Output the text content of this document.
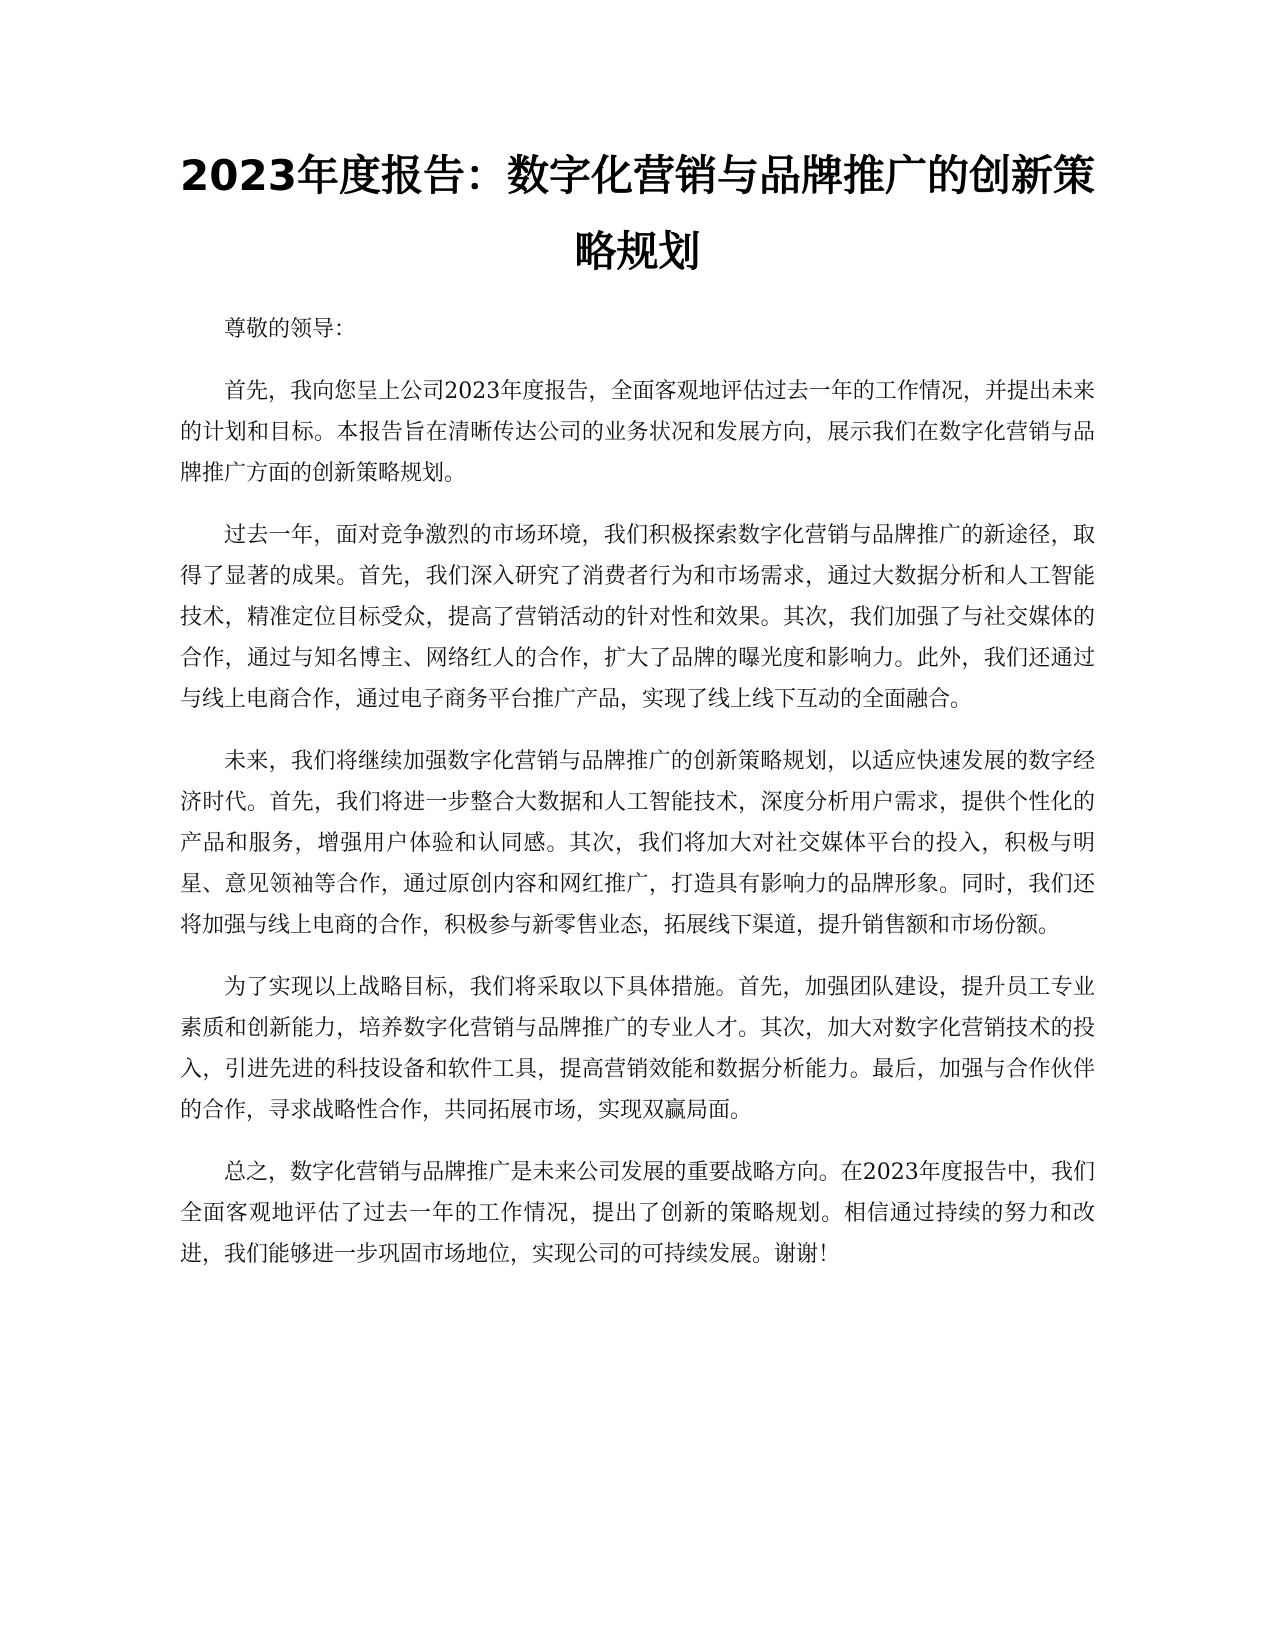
2023年度报告：数字化营销与品牌推广的创新策略规划

尊敬的领导：

首先，我向您呈上公司2023年度报告，全面客观地评估过去一年的工作情况，并提出未来的计划和目标。本报告旨在清晰传达公司的业务状况和发展方向，展示我们在数字化营销与品牌推广方面的创新策略规划。

过去一年，面对竞争激烈的市场环境，我们积极探索数字化营销与品牌推广的新途径，取得了显著的成果。首先，我们深入研究了消费者行为和市场需求，通过大数据分析和人工智能技术，精准定位目标受众，提高了营销活动的针对性和效果。其次，我们加强了与社交媒体的合作，通过与知名博主、网络红人的合作，扩大了品牌的曝光度和影响力。此外，我们还通过与线上电商合作，通过电子商务平台推广产品，实现了线上线下互动的全面融合。

未来，我们将继续加强数字化营销与品牌推广的创新策略规划，以适应快速发展的数字经济时代。首先，我们将进一步整合大数据和人工智能技术，深度分析用户需求，提供个性化的产品和服务，增强用户体验和认同感。其次，我们将加大对社交媒体平台的投入，积极与明星、意见领袖等合作，通过原创内容和网红推广，打造具有影响力的品牌形象。同时，我们还将加强与线上电商的合作，积极参与新零售业态，拓展线下渠道，提升销售额和市场份额。

为了实现以上战略目标，我们将采取以下具体措施。首先，加强团队建设，提升员工专业素质和创新能力，培养数字化营销与品牌推广的专业人才。其次，加大对数字化营销技术的投入，引进先进的科技设备和软件工具，提高营销效能和数据分析能力。最后，加强与合作伙伴的合作，寻求战略性合作，共同拓展市场，实现双赢局面。

总之，数字化营销与品牌推广是未来公司发展的重要战略方向。在2023年度报告中，我们全面客观地评估了过去一年的工作情况，提出了创新的策略规划。相信通过持续的努力和改进，我们能够进一步巩固市场地位，实现公司的可持续发展。谢谢！
